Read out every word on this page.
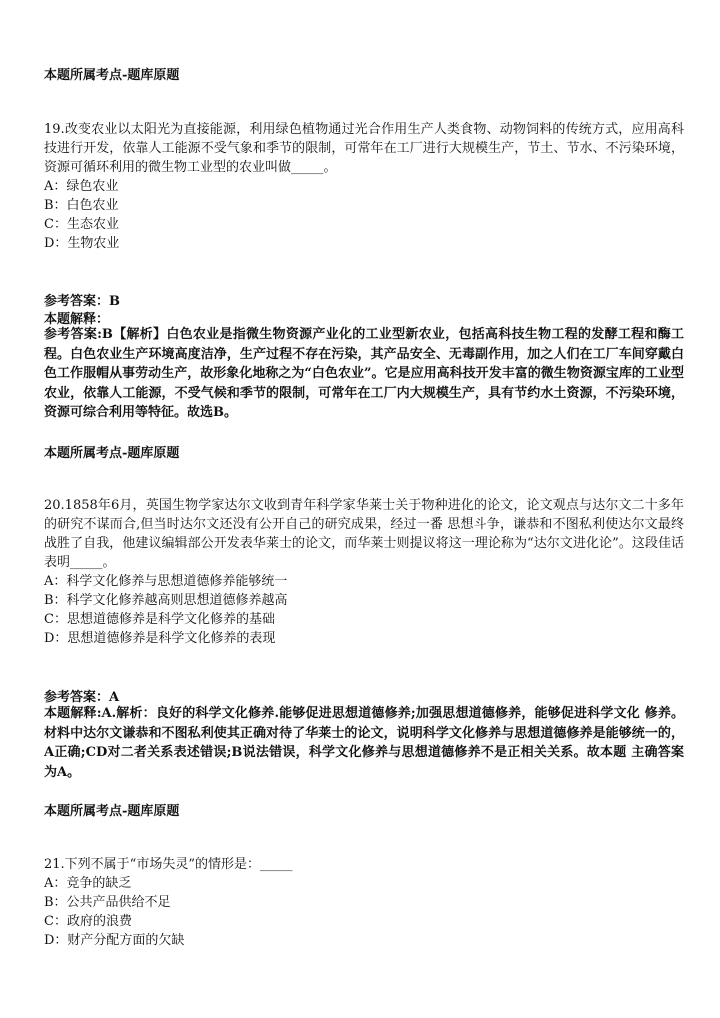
本题所属考点-题库原题
19.改变农业以太阳光为直接能源，利用绿色植物通过光合作用生产人类食物、动物饲料的传统方式，应用高科技进行开发，依靠人工能源不受气象和季节的限制，可常年在工厂进行大规模生产，节土、节水、不污染环境，资源可循环利用的微生物工业型的农业叫做_____。
A：绿色农业
B：白色农业
C：生态农业
D：生物农业
参考答案：B
本题解释：
参考答案:B【解析】白色农业是指微生物资源产业化的工业型新农业，包括高科技生物工程的发酵工程和酶工程。白色农业生产环境高度洁净，生产过程不存在污染，其产品安全、无毒副作用，加之人们在工厂车间穿戴白色工作服帽从事劳动生产，故形象化地称之为“白色农业”。它是应用高科技开发丰富的微生物资源宝库的工业型农业，依靠人工能源，不受气候和季节的限制，可常年在工厂内大规模生产，具有节约水土资源，不污染环境，资源可综合利用等特征。故选B。
本题所属考点-题库原题
20.1858年6月，英国生物学家达尔文收到青年科学家华莱士关于物种进化的论文，论文观点与达尔文二十多年的研究不谋而合,但当时达尔文还没有公开自己的研究成果，经过一番 思想斗争，谦恭和不图私利使达尔文最终战胜了自我，他建议编辑部公开发表华莱士的论文，而华莱士则提议将这一理论称为“达尔文进化论”。这段佳话表明_____。
A：科学文化修养与思想道德修养能够统一
B：科学文化修养越高则思想道德修养越高
C：思想道德修养是科学文化修养的基础
D：思想道德修养是科学文化修养的表现
参考答案：A
本题解释:A.解析：良好的科学文化修养.能够促进思想道德修养;加强思想道德修养，能够促进科学文化 修养。材料中达尔文谦恭和不图私利使其正确对待了华莱士的论文，说明科学文化修养与思想道德修养是能够统一的，A正确;CD对二者关系表述错误;B说法错误，科学文化修养与思想道德修养不是正相关关系。故本题 主确答案为A。
本题所属考点-题库原题
21.下列不属于“市场失灵”的情形是：_____
A：竞争的缺乏
B：公共产品供给不足
C：政府的浪费
D：财产分配方面的欠缺
